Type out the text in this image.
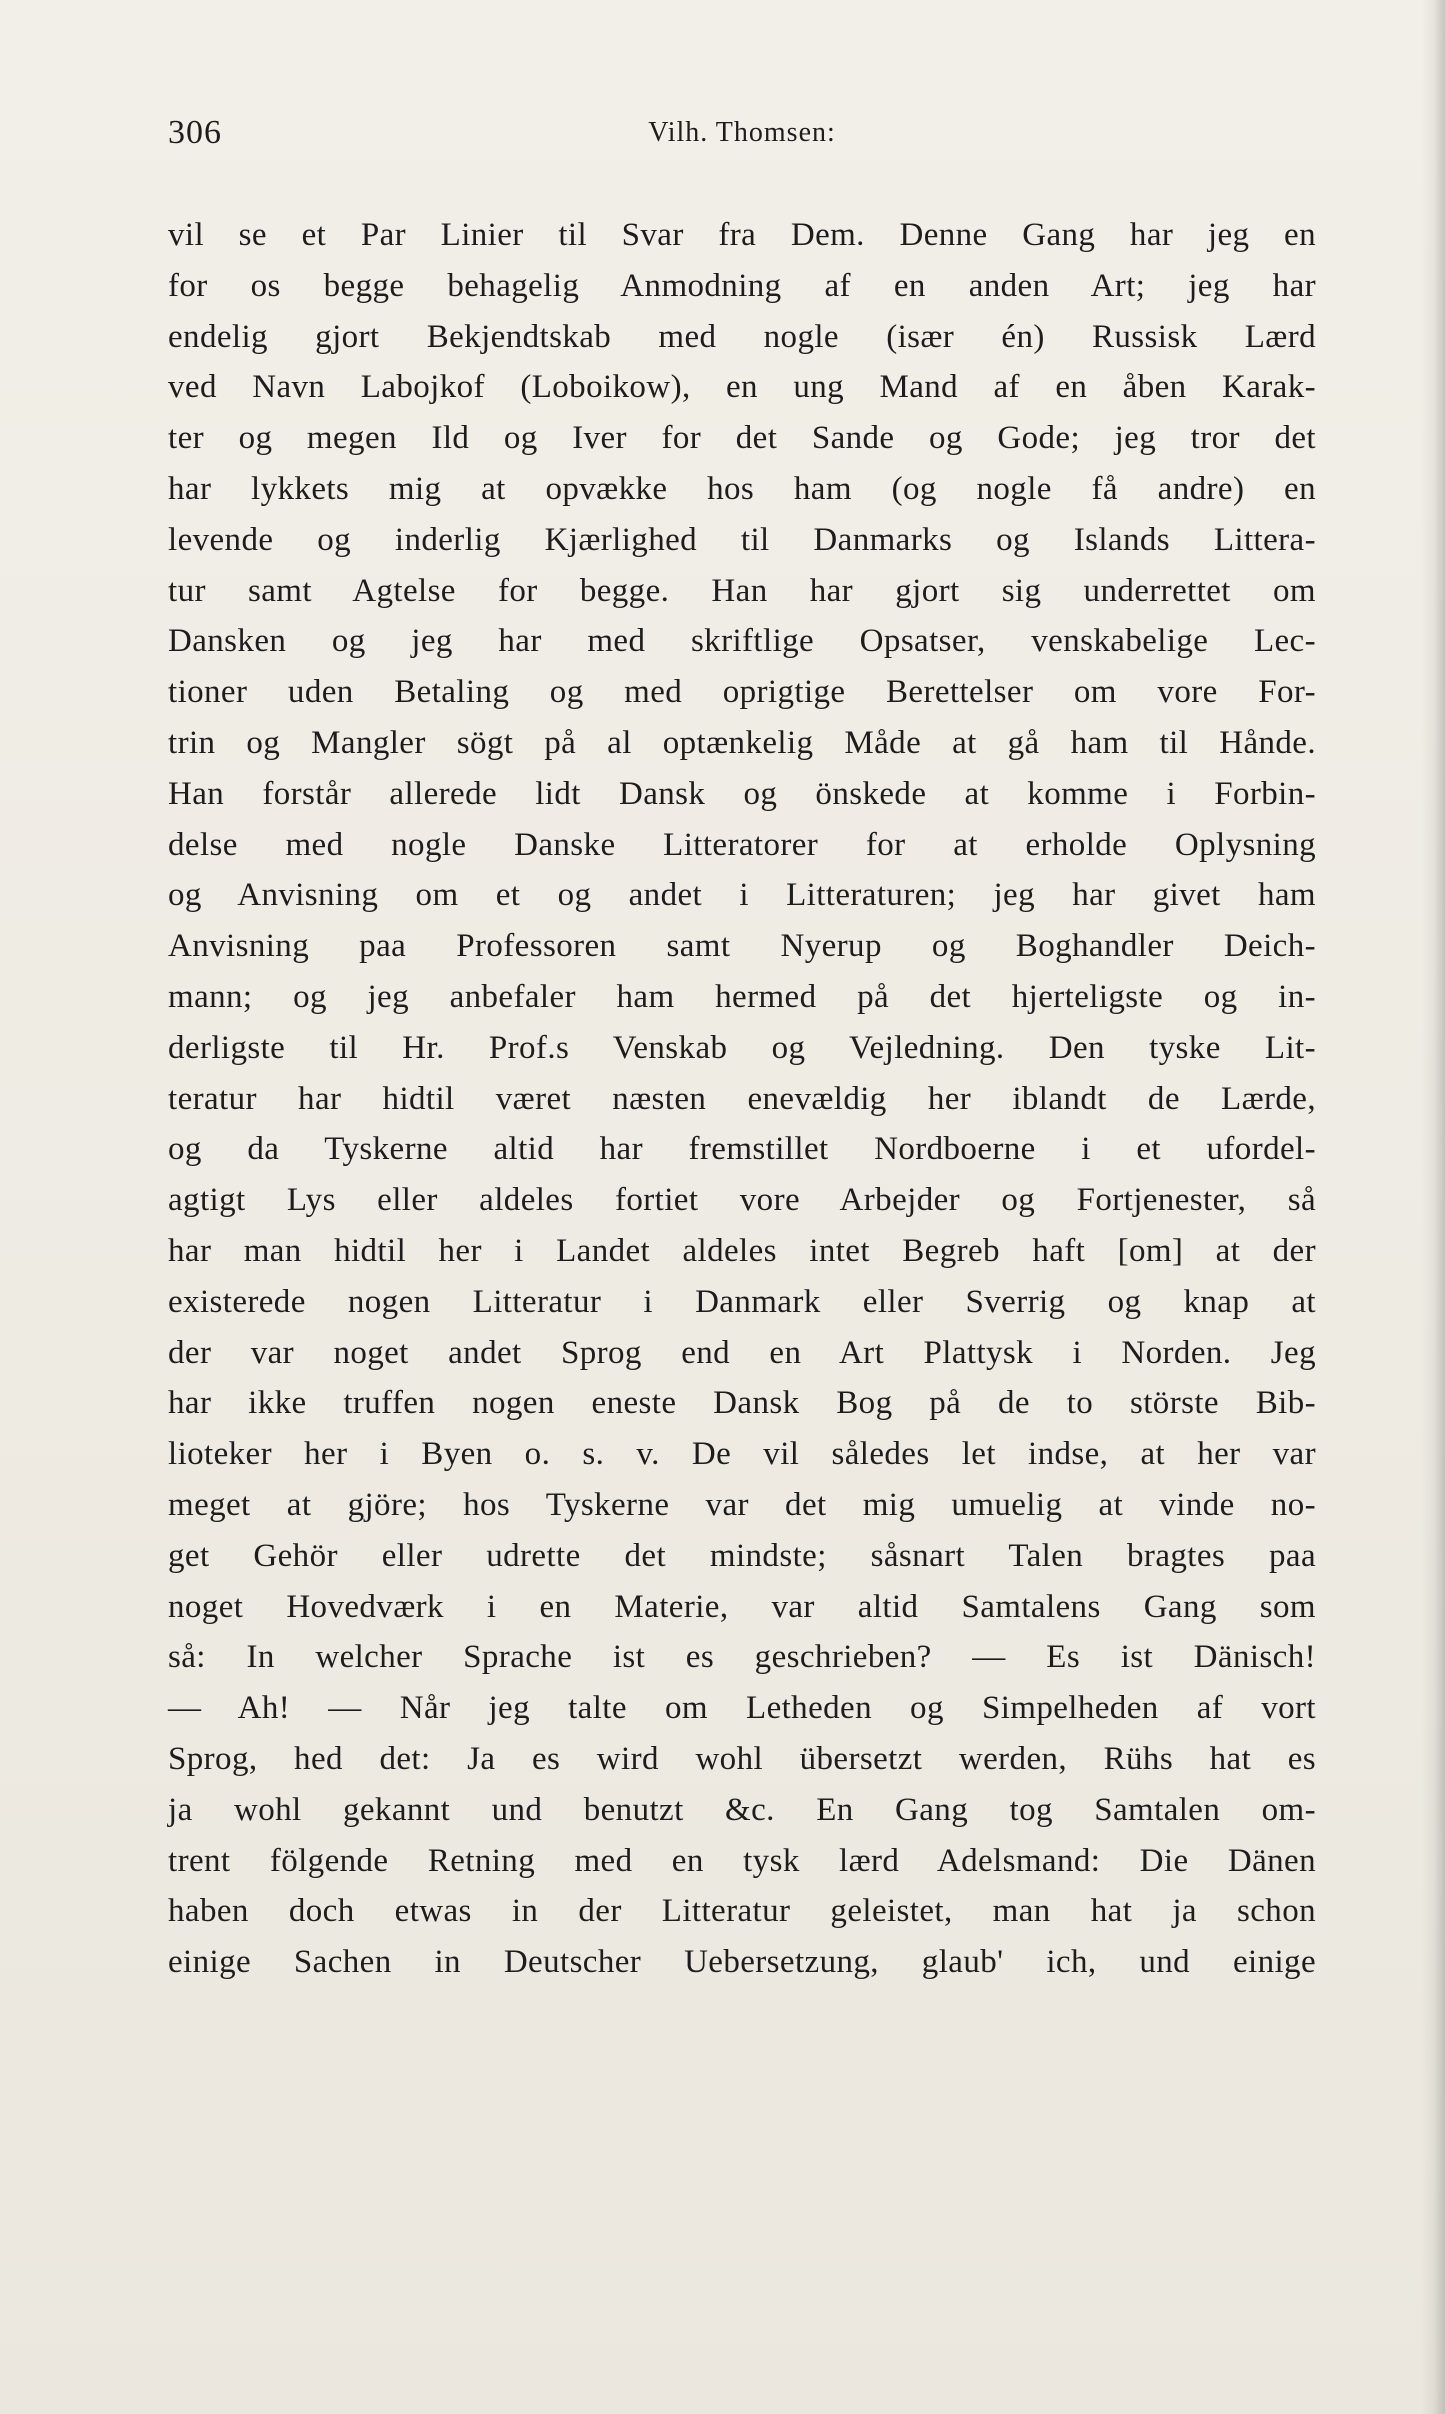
306	Vilh. Thomsen:
vil se et Par Linier til Svar fra Dem. Denne Gang har jeg en
for os begge behagelig Anmodning af en anden Art; jeg har
endelig gjort Bekjendtskab med nogle (især én) Russisk Lærd
ved Navn Labojkof (Loboikow), en ung Mand af en åben Karak-
ter og megen Ild og Iver for det Sande og Gode; jeg tror det
har lykkets mig at opvække hos ham (og nogle få andre) en
levende og inderlig Kjærlighed til Danmarks og Islands Littera-
tur samt Agtelse for begge. Han har gjort sig underrettet om
Dansken og jeg har med skriftlige Opsatser, venskabelige Lec-
tioner uden Betaling og med oprigtige Berettelser om vore For-
trin og Mangler sögt på al optænkelig Måde at gå ham til Hånde.
Han forstår allerede lidt Dansk og önskede at komme i Forbin-
delse med nogle Danske Litteratorer for at erholde Oplysning
og Anvisning om et og andet i Litteraturen; jeg har givet ham
Anvisning paa Professoren samt Nyerup og Boghandler Deich-
mann; og jeg anbefaler ham hermed på det hjerteligste og in-
derligste til Hr. Prof.s Venskab og Vejledning. Den tyske Lit-
teratur har hidtil været næsten enevældig her iblandt de Lærde,
og da Tyskerne altid har fremstillet Nordboerne i et ufordel-
agtigt Lys eller aldeles fortiet vore Arbejder og Fortjenester, så
har man hidtil her i Landet aldeles intet Begreb haft [om] at der
existerede nogen Litteratur i Danmark eller Sverrig og knap at
der var noget andet Sprog end en Art Plattysk i Norden. Jeg
har ikke truffen nogen eneste Dansk Bog på de to störste Bib-
lioteker her i Byen o. s. v. De vil således let indse, at her var
meget at gjöre; hos Tyskerne var det mig umuelig at vinde no-
get Gehör eller udrette det mindste; såsnart Talen bragtes paa
noget Hovedværk i en Materie, var altid Samtalens Gang som
så: In welcher Sprache ist es geschrieben? — Es ist Dänisch!
— Ah! — Når jeg talte om Letheden og Simpelheden af vort
Sprog, hed det: Ja es wird wohl übersetzt werden, Rühs hat es
ja wohl gekannt und benutzt &c. En Gang tog Samtalen om-
trent fölgende Retning med en tysk lærd Adelsmand: Die Dänen
haben doch etwas in der Litteratur geleistet, man hat ja schon
einige Sachen in Deutscher Uebersetzung, glaub' ich, und einige
